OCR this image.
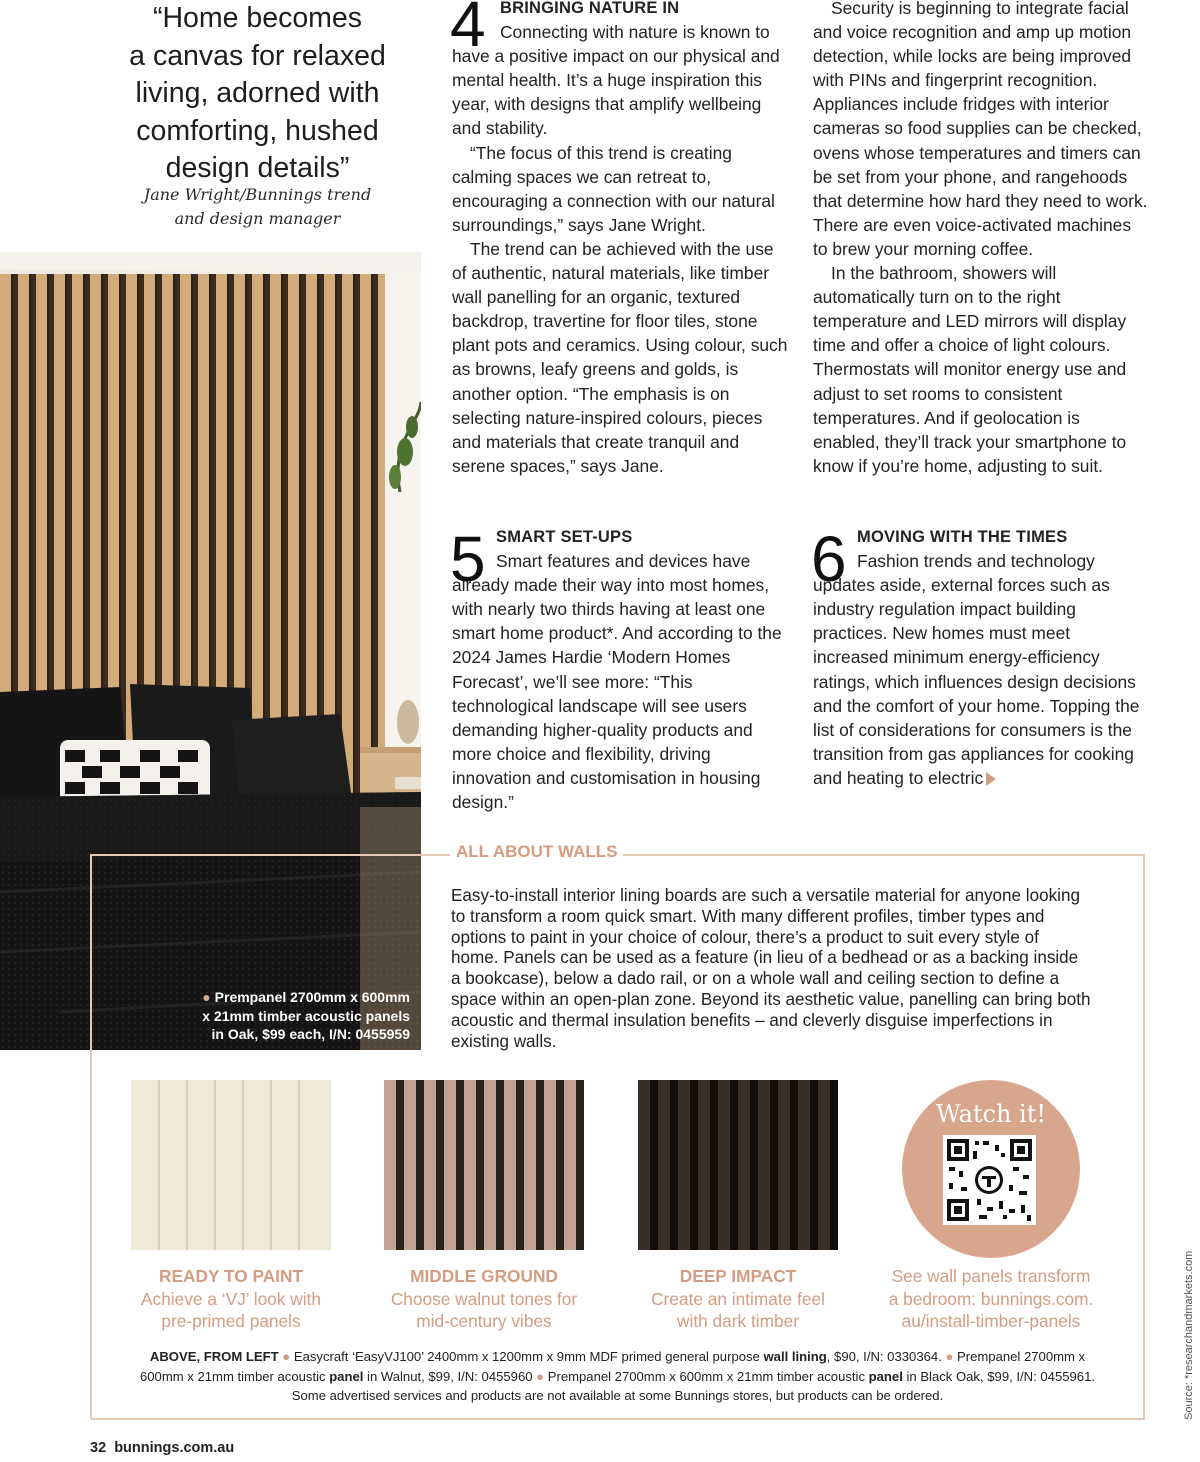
“Home becomes
a canvas for relaxed
living, adorned with
comforting, hushed
design details”
Jane Wright/Bunnings trend
and design manager
● Prempanel 2700mm x 600mm
x 21mm timber acoustic panels
in Oak, $99 each, I/N: 0455959
4 BRINGING NATURE IN

Connecting with nature is known to have a positive impact on our physical and mental health. It’s a huge inspiration this year, with designs that amplify wellbeing and stability.

“The focus of this trend is creating calming spaces we can retreat to, encouraging a connection with our natural surroundings,” says Jane Wright.

The trend can be achieved with the use of authentic, natural materials, like timber wall panelling for an organic, textured backdrop, travertine for floor tiles, stone plant pots and ceramics. Using colour, such as browns, leafy greens and golds, is another option. “The emphasis is on selecting nature-inspired colours, pieces and materials that create tranquil and serene spaces,” says Jane.

Security is beginning to integrate facial and voice recognition and amp up motion detection, while locks are being improved with PINs and fingerprint recognition. Appliances include fridges with interior cameras so food supplies can be checked, ovens whose temperatures and timers can be set from your phone, and rangehoods that determine how hard they need to work. There are even voice-activated machines to brew your morning coffee.

In the bathroom, showers will automatically turn on to the right temperature and LED mirrors will display time and offer a choice of light colours. Thermostats will monitor energy use and adjust to set rooms to consistent temperatures. And if geolocation is enabled, they’ll track your smartphone to know if you’re home, adjusting to suit.

5 SMART SET-UPS

Smart features and devices have already made their way into most homes, with nearly two thirds having at least one smart home product*. And according to the 2024 James Hardie ‘Modern Homes Forecast’, we’ll see more: “This technological landscape will see users demanding higher-quality products and more choice and flexibility, driving innovation and customisation in housing design.”

6 MOVING WITH THE TIMES

Fashion trends and technology updates aside, external forces such as industry regulation impact building practices. New homes must meet increased minimum energy-efficiency ratings, which influences design decisions and the comfort of your home. Topping the list of considerations for consumers is the transition from gas appliances for cooking and heating to electric

ALL ABOUT WALLS
Easy-to-install interior lining boards are such a versatile material for anyone looking to transform a room quick smart. With many different profiles, timber types and options to paint in your choice of colour, there’s a product to suit every style of home. Panels can be used as a feature (in lieu of a bedhead or as a backing inside a bookcase), below a dado rail, or on a whole wall and ceiling section to define a space within an open-plan zone. Beyond its aesthetic value, panelling can bring both acoustic and thermal insulation benefits – and cleverly disguise imperfections in existing walls.
READY TO PAINT
Achieve a ‘VJ’ look with
pre-primed panels
MIDDLE GROUND
Choose walnut tones for
mid-century vibes
DEEP IMPACT
Create an intimate feel
with dark timber
Watch it!
See wall panels transform
a bedroom: bunnings.com.
au/install-timber-panels
ABOVE, FROM LEFT ● Easycraft ‘EasyVJ100’ 2400mm x 1200mm x 9mm MDF primed general purpose wall lining, $90, I/N: 0330364. ● Prempanel 2700mm x 600mm x 21mm timber acoustic panel in Walnut, $99, I/N: 0455960 ● Prempanel 2700mm x 600mm x 21mm timber acoustic panel in Black Oak, $99, I/N: 0455961. Some advertised services and products are not available at some Bunnings stores, but products can be ordered.
32 bunnings.com.au
Source: *researchandmarkets.com
